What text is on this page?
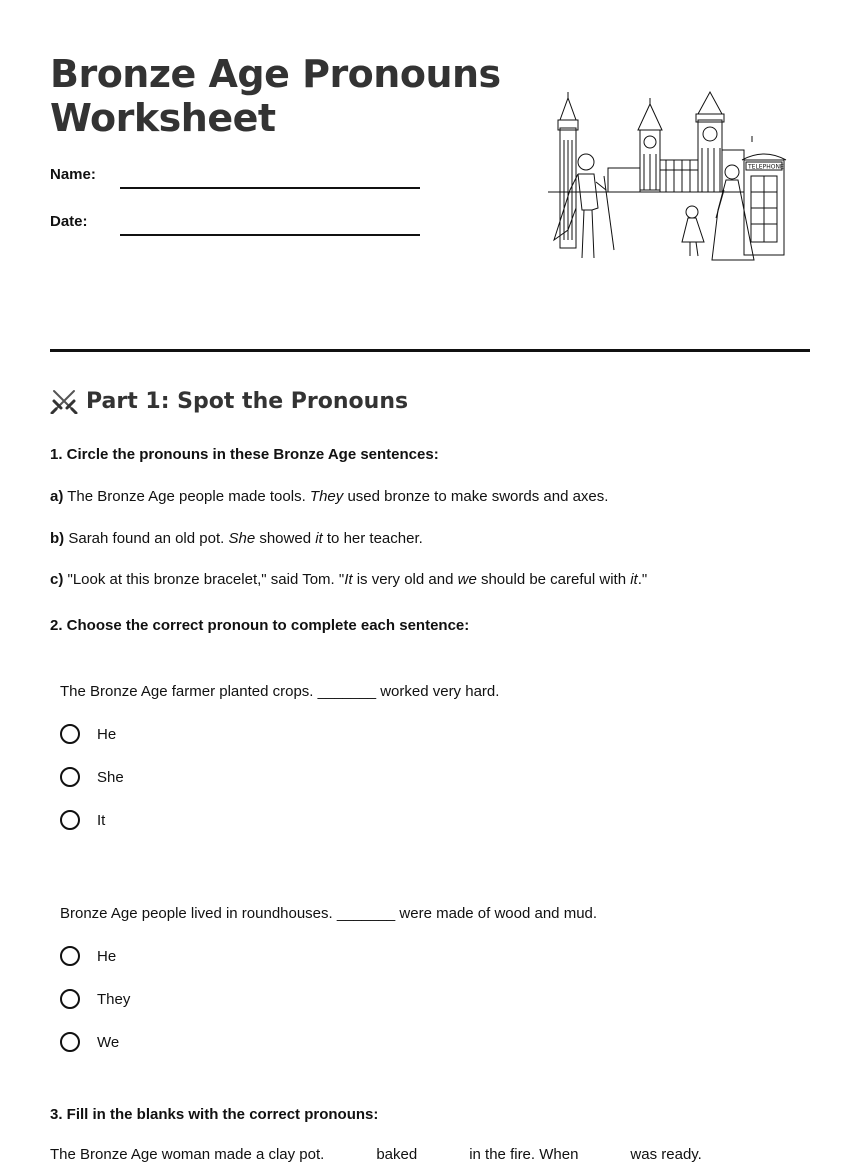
Bronze Age Pronouns Worksheet
Name:
Date:
TELEPHONE
Part 1: Spot the Pronouns
1. Circle the pronouns in these Bronze Age sentences:
a) The Bronze Age people made tools. They used bronze to make swords and axes.
b) Sarah found an old pot. She showed it to her teacher.
c) "Look at this bronze bracelet," said Tom. "It is very old and we should be careful with it."
2. Choose the correct pronoun to complete each sentence:
The Bronze Age farmer planted crops. _______ worked very hard.
He
She
It
Bronze Age people lived in roundhouses. _______ were made of wood and mud.
He
They
We
3. Fill in the blanks with the correct pronouns:
The Bronze Age woman made a clay pot.	baked	in the fire. When	was ready.
